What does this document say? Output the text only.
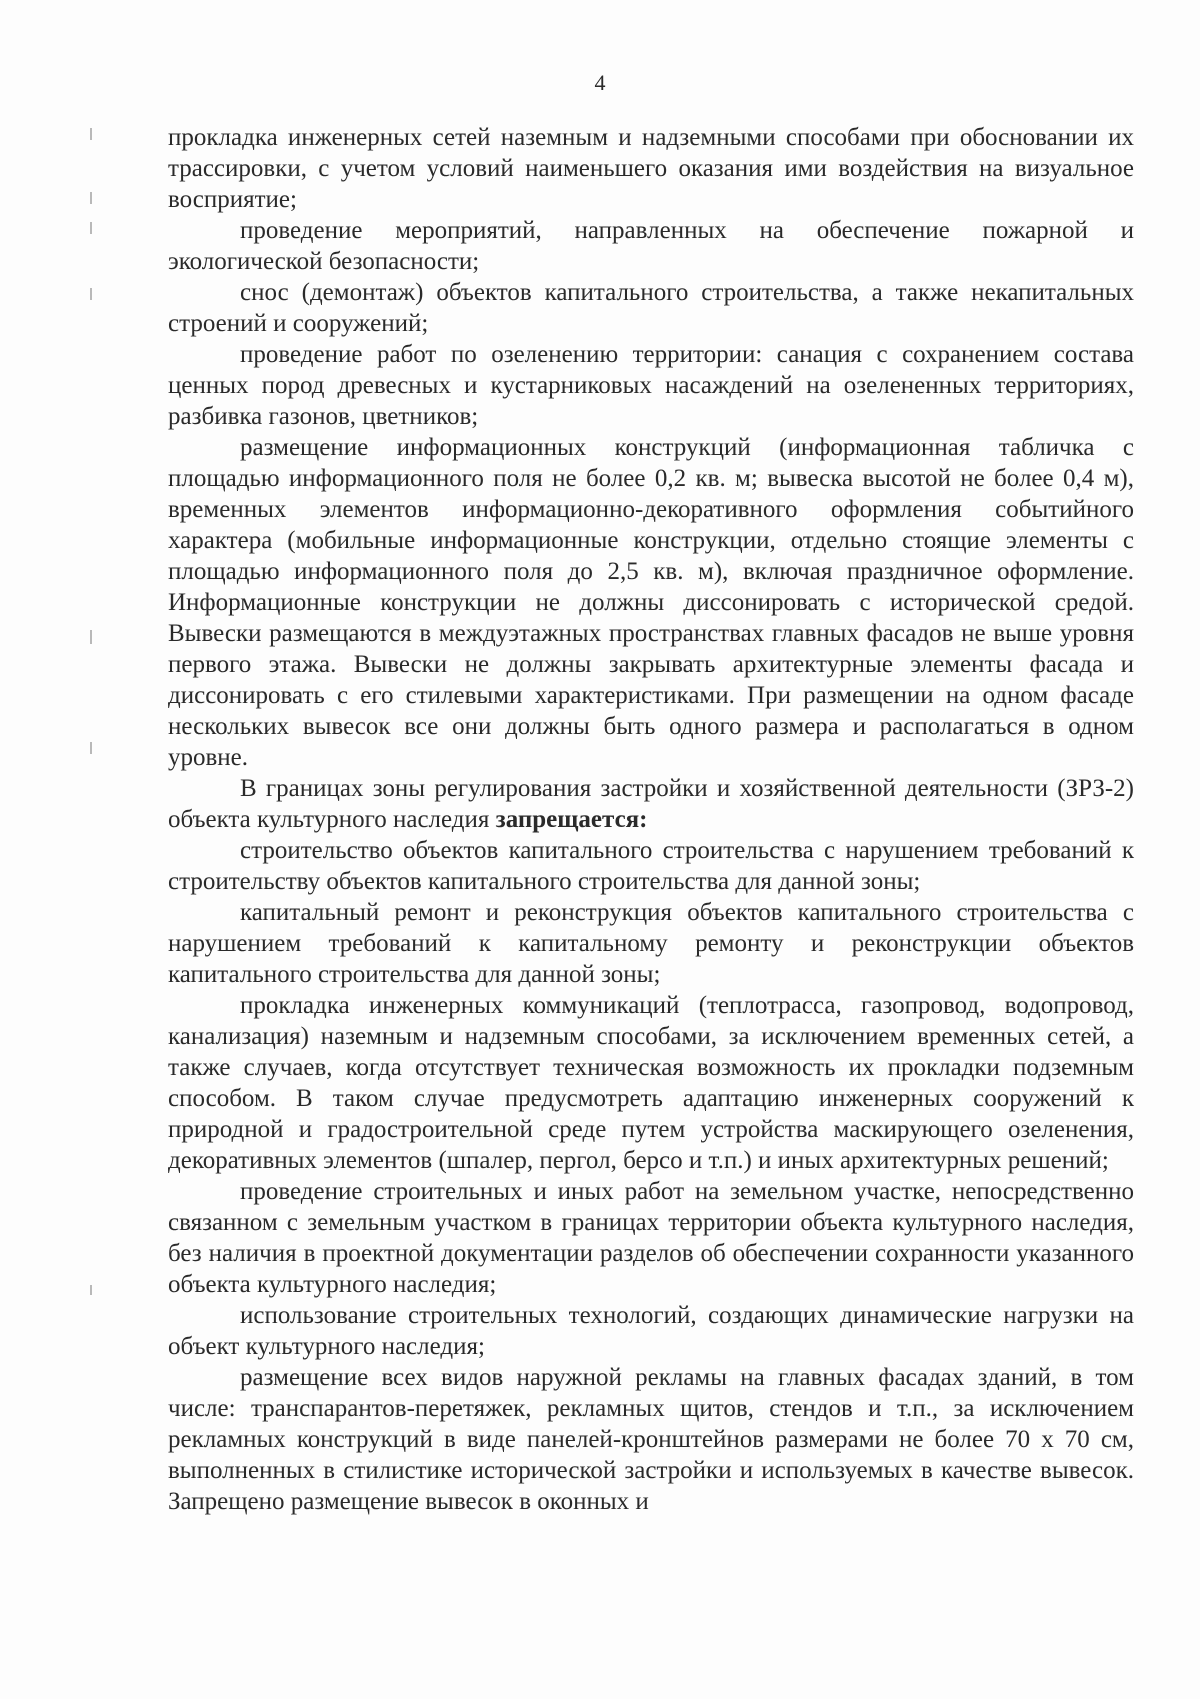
4

прокладка инженерных сетей наземным и надземными способами при обосновании их трассировки, с учетом условий наименьшего оказания ими воздействия на визуальное восприятие;

проведение мероприятий, направленных на обеспечение пожарной и экологической безопасности;

снос (демонтаж) объектов капитального строительства, а также некапитальных строений и сооружений;

проведение работ по озеленению территории: санация с сохранением состава ценных пород древесных и кустарниковых насаждений на озелененных территориях, разбивка газонов, цветников;

размещение информационных конструкций (информационная табличка с площадью информационного поля не более 0,2 кв. м; вывеска высотой не более 0,4 м), временных элементов информационно-декоративного оформления событийного характера (мобильные информационные конструкции, отдельно стоящие элементы с площадью информационного поля до 2,5 кв. м), включая праздничное оформление. Информационные конструкции не должны диссонировать с исторической средой. Вывески размещаются в междуэтажных пространствах главных фасадов не выше уровня первого этажа. Вывески не должны закрывать архитектурные элементы фасада и диссонировать с его стилевыми характеристиками. При размещении на одном фасаде нескольких вывесок все они должны быть одного размера и располагаться в одном уровне.

В границах зоны регулирования застройки и хозяйственной деятельности (ЗРЗ-2) объекта культурного наследия запрещается:

строительство объектов капитального строительства с нарушением требований к строительству объектов капитального строительства для данной зоны;

капитальный ремонт и реконструкция объектов капитального строительства с нарушением требований к капитальному ремонту и реконструкции объектов капитального строительства для данной зоны;

прокладка инженерных коммуникаций (теплотрасса, газопровод, водопровод, канализация) наземным и надземным способами, за исключением временных сетей, а также случаев, когда отсутствует техническая возможность их прокладки подземным способом. В таком случае предусмотреть адаптацию инженерных сооружений к природной и градостроительной среде путем устройства маскирующего озеленения, декоративных элементов (шпалер, пергол, берсо и т.п.) и иных архитектурных решений;

проведение строительных и иных работ на земельном участке, непосредственно связанном с земельным участком в границах территории объекта культурного наследия, без наличия в проектной документации разделов об обеспечении сохранности указанного объекта культурного наследия;

использование строительных технологий, создающих динамические нагрузки на объект культурного наследия;

размещение всех видов наружной рекламы на главных фасадах зданий, в том числе: транспарантов-перетяжек, рекламных щитов, стендов и т.п., за исключением рекламных конструкций в виде панелей-кронштейнов размерами не более 70 х 70 см, выполненных в стилистике исторической застройки и используемых в качестве вывесок. Запрещено размещение вывесок в оконных и
